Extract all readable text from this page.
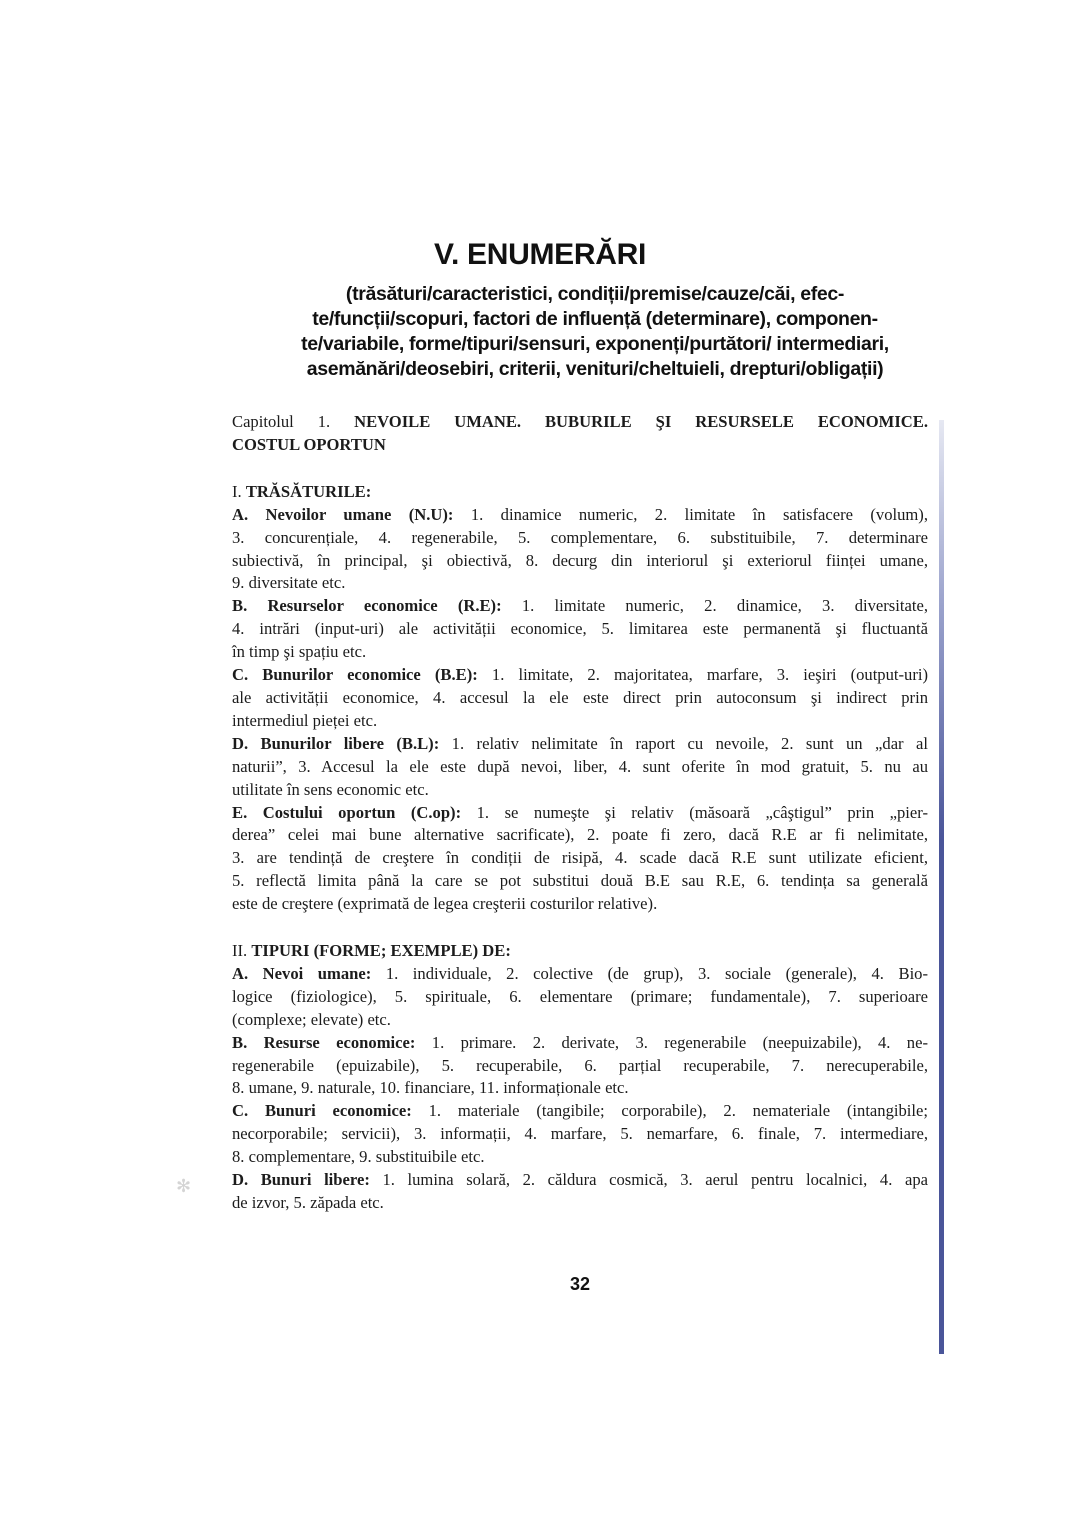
V. ENUMERĂRI
(trăsături/caracteristici, condiții/premise/cauze/căi, efec-
te/funcții/scopuri, factori de influență (determinare), componen-
te/variabile, forme/tipuri/sensuri, exponenți/purtători/ intermediari,
asemănări/deosebiri, criterii, venituri/cheltuieli, drepturi/obligații)
Capitolul 1. NEVOILE UMANE. BUBURILE ŞI RESURSELE ECONOMICE.
COSTUL OPORTUN
I. TRĂSĂTURILE:
A. Nevoilor umane (N.U): 1. dinamice numeric, 2. limitate în satisfacere (volum),
3. concurențiale, 4. regenerabile, 5. complementare, 6. substituibile, 7. determinare
subiectivă, în principal, şi obiectivă, 8. decurg din interiorul şi exteriorul ființei umane,
9. diversitate etc.
B. Resurselor economice (R.E): 1. limitate numeric, 2. dinamice, 3. diversitate,
4. intrări (input-uri) ale activității economice, 5. limitarea este permanentă şi fluctuantă
în timp şi spațiu etc.
C. Bunurilor economice (B.E): 1. limitate, 2. majoritatea, marfare, 3. ieşiri (output-uri)
ale activității economice, 4. accesul la ele este direct prin autoconsum şi indirect prin
intermediul pieței etc.
D. Bunurilor libere (B.L): 1. relativ nelimitate în raport cu nevoile, 2. sunt un „dar al
naturii”, 3. Accesul la ele este după nevoi, liber, 4. sunt oferite în mod gratuit, 5. nu au
utilitate în sens economic etc.
E. Costului oportun (C.op): 1. se numeşte şi relativ (măsoară „câştigul” prin „pier-
derea” celei mai bune alternative sacrificate), 2. poate fi zero, dacă R.E ar fi nelimitate,
3. are tendință de creştere în condiții de risipă, 4. scade dacă R.E sunt utilizate eficient,
5. reflectă limita până la care se pot substitui două B.E sau R.E, 6. tendința sa generală
este de creştere (exprimată de legea creşterii costurilor relative).
II. TIPURI (FORME; EXEMPLE) DE:
A. Nevoi umane: 1. individuale, 2. colective (de grup), 3. sociale (generale), 4. Bio-
logice (fiziologice), 5. spirituale, 6. elementare (primare; fundamentale), 7. superioare
(complexe; elevate) etc.
B. Resurse economice: 1. primare. 2. derivate, 3. regenerabile (neepuizabile), 4. ne-
regenerabile (epuizabile), 5. recuperabile, 6. parțial recuperabile, 7. nerecuperabile,
8. umane, 9. naturale, 10. financiare, 11. informaționale etc.
C. Bunuri economice: 1. materiale (tangibile; corporabile), 2. nemateriale (intangibile;
necorporabile; servicii), 3. informații, 4. marfare, 5. nemarfare, 6. finale, 7. intermediare,
8. complementare, 9. substituibile etc.
D. Bunuri libere: 1. lumina solară, 2. căldura cosmică, 3. aerul pentru localnici, 4. apa
de izvor, 5. zăpada etc.
✻
32
